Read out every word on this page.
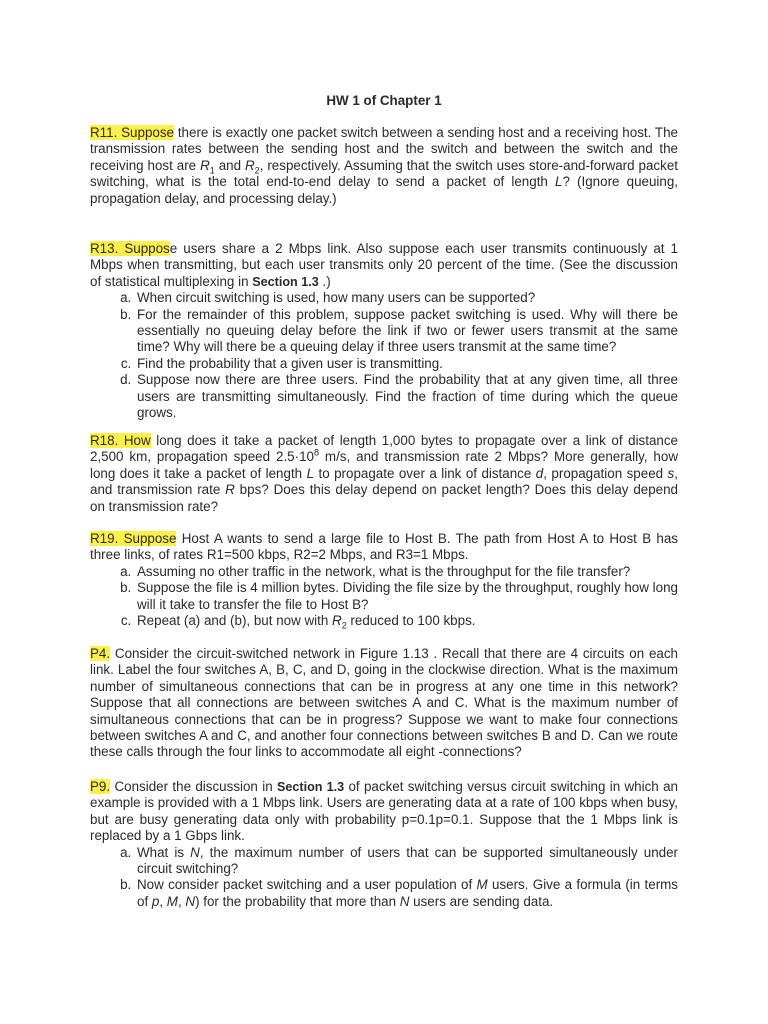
HW 1 of Chapter 1
R11. Suppose there is exactly one packet switch between a sending host and a receiving host. The transmission rates between the sending host and the switch and between the switch and the receiving host are $R_1$ and $R_2$, respectively. Assuming that the switch uses store-and-forward packet switching, what is the total end-to-end delay to send a packet of length L? (Ignore queuing, propagation delay, and processing delay.)
R13. Suppose users share a 2 Mbps link. Also suppose each user transmits continuously at 1 Mbps when transmitting, but each user transmits only 20 percent of the time. (See the discussion of statistical multiplexing in Section 1.3 .)
a. When circuit switching is used, how many users can be supported?
b. For the remainder of this problem, suppose packet switching is used. Why will there be essentially no queuing delay before the link if two or fewer users transmit at the same time? Why will there be a queuing delay if three users transmit at the same time?
c. Find the probability that a given user is transmitting.
d. Suppose now there are three users. Find the probability that at any given time, all three users are transmitting simultaneously. Find the fraction of time during which the queue grows.
R18. How long does it take a packet of length 1,000 bytes to propagate over a link of distance 2,500 km, propagation speed $2.5\cdot 10^8$ m/s, and transmission rate 2 Mbps? More generally, how long does it take a packet of length L to propagate over a link of distance d, propagation speed s, and transmission rate R bps? Does this delay depend on packet length? Does this delay depend on transmission rate?
R19. Suppose Host A wants to send a large file to Host B. The path from Host A to Host B has three links, of rates R1=500 kbps, R2=2 Mbps, and R3=1 Mbps.
a. Assuming no other traffic in the network, what is the throughput for the file transfer?
b. Suppose the file is 4 million bytes. Dividing the file size by the throughput, roughly how long will it take to transfer the file to Host B?
c. Repeat (a) and (b), but now with $R_2$ reduced to 100 kbps.
P4. Consider the circuit-switched network in Figure 1.13 . Recall that there are 4 circuits on each link. Label the four switches A, B, C, and D, going in the clockwise direction. What is the maximum number of simultaneous connections that can be in progress at any one time in this network? Suppose that all connections are between switches A and C. What is the maximum number of simultaneous connections that can be in progress? Suppose we want to make four connections between switches A and C, and another four connections between switches B and D. Can we route these calls through the four links to accommodate all eight -connections?
P9. Consider the discussion in Section 1.3 of packet switching versus circuit switching in which an example is provided with a 1 Mbps link. Users are generating data at a rate of 100 kbps when busy, but are busy generating data only with probability p=0.1p=0.1. Suppose that the 1 Mbps link is replaced by a 1 Gbps link.
a. What is N, the maximum number of users that can be supported simultaneously under circuit switching?
b. Now consider packet switching and a user population of M users. Give a formula (in terms of p, M, N) for the probability that more than N users are sending data.
